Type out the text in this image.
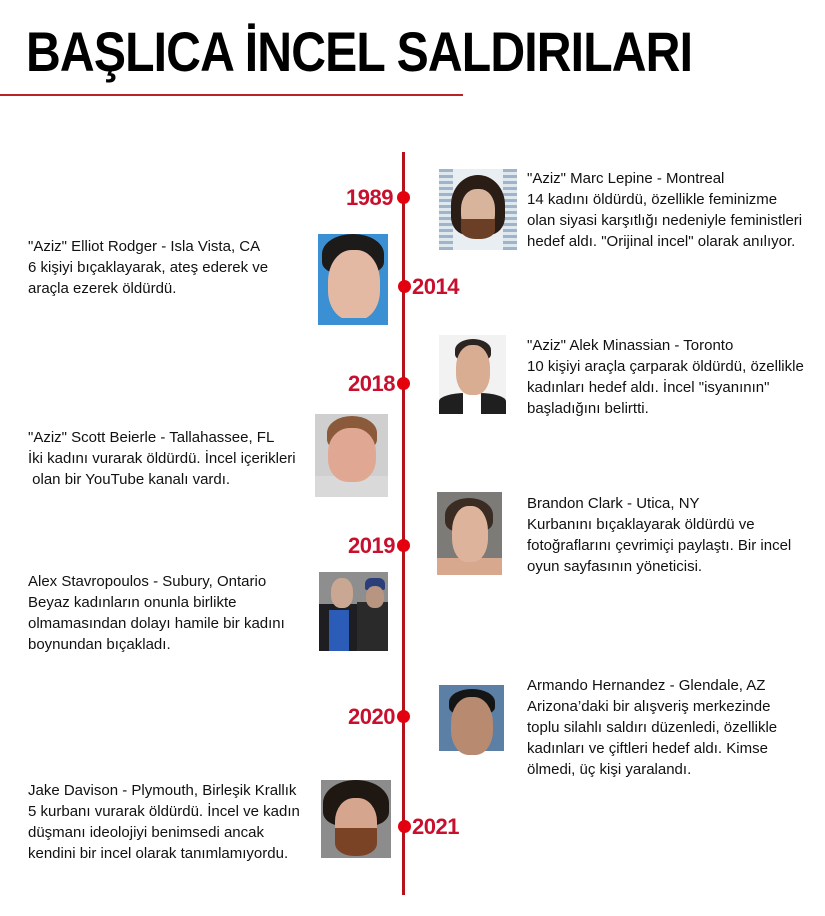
BAŞLICA İNCEL SALDIRILARI
1989
2014
2018
2019
2020
2021
"Aziz" Marc Lepine - Montreal
14 kadını öldürdü, özellikle feminizme
olan siyasi karşıtlığı nedeniyle feministleri
hedef aldı. "Orijinal incel" olarak anılıyor.
"Aziz" Elliot Rodger - Isla Vista, CA
6 kişiyi bıçaklayarak, ateş ederek ve
araçla ezerek öldürdü.
"Aziz" Alek Minassian - Toronto
10 kişiyi araçla çarparak öldürdü, özellikle
kadınları hedef aldı. İncel "isyanının"
başladığını belirtti.
"Aziz" Scott Beierle - Tallahassee, FL
İki kadını vurarak öldürdü. İncel içerikleri
olan bir YouTube kanalı vardı.
Brandon Clark - Utica, NY
Kurbanını bıçaklayarak öldürdü ve
fotoğraflarını çevrimiçi paylaştı. Bir incel
oyun sayfasının yöneticisi.
Alex Stavropoulos - Subury, Ontario
Beyaz kadınların onunla birlikte
olmamasından dolayı hamile bir kadını
boynundan bıçakladı.
Armando Hernandez - Glendale, AZ
Arizona’daki bir alışveriş merkezinde
toplu silahlı saldırı düzenledi, özellikle
kadınları ve çiftleri hedef aldı. Kimse
ölmedi, üç kişi yaralandı.
Jake Davison - Plymouth, Birleşik Krallık
5 kurbanı vurarak öldürdü. İncel ve kadın
düşmanı ideolojiyi benimsedi ancak
kendini bir incel olarak tanımlamıyordu.
